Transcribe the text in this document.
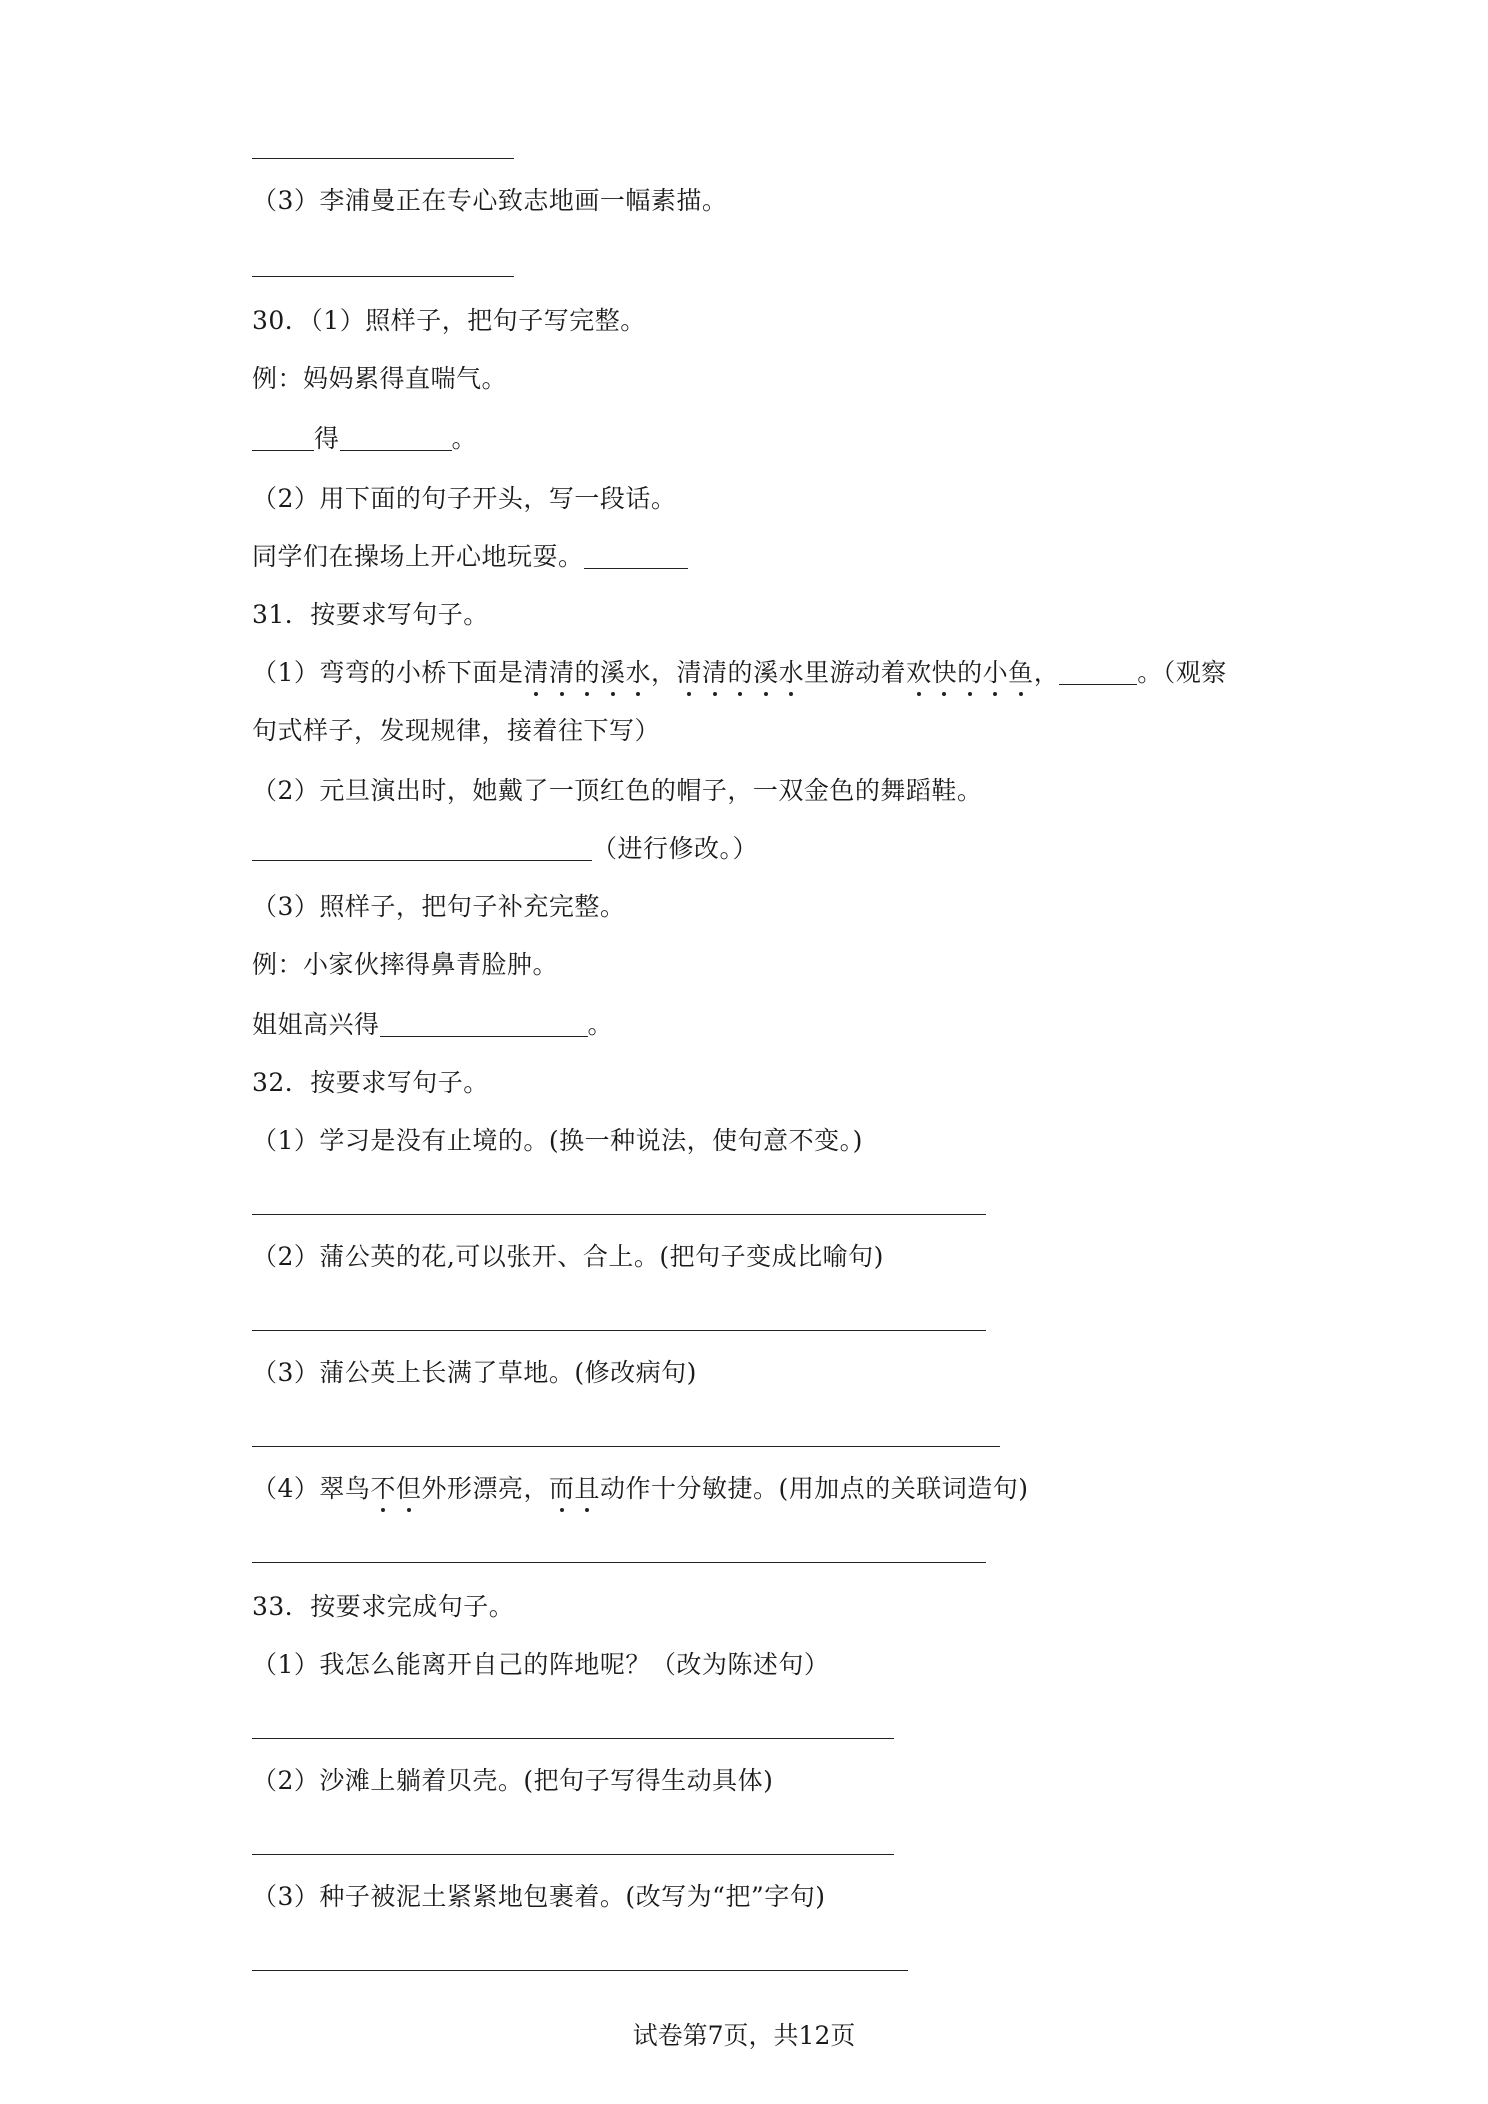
（3）李浦曼正在专心致志地画一幅素描。
30．（1）照样子，把句子写完整。
例：妈妈累得直喘气。
得	。
（2）用下面的句子开头，写一段话。
同学们在操场上开心地玩耍。
31．按要求写句子。
（1）弯弯的小桥下面是清清的溪水，清清的溪水里游动着欢快的小鱼，	。（观察
句式样子，发现规律，接着往下写）
（2）元旦演出时，她戴了一顶红色的帽子，一双金色的舞蹈鞋。
（进行修改。）
（3）照样子，把句子补充完整。
例：小家伙摔得鼻青脸肿。
姐姐高兴得	。
32．按要求写句子。
（1）学习是没有止境的。(换一种说法，使句意不变。)
（2）蒲公英的花,可以张开、合上。(把句子变成比喻句)
（3）蒲公英上长满了草地。(修改病句)
（4）翠鸟不但外形漂亮，而且动作十分敏捷。(用加点的关联词造句)
33．按要求完成句子。
（1）我怎么能离开自己的阵地呢？（改为陈述句）
（2）沙滩上躺着贝壳。(把句子写得生动具体)
（3）种子被泥土紧紧地包裹着。(改写为“把”字句)
试卷第7页，共12页
